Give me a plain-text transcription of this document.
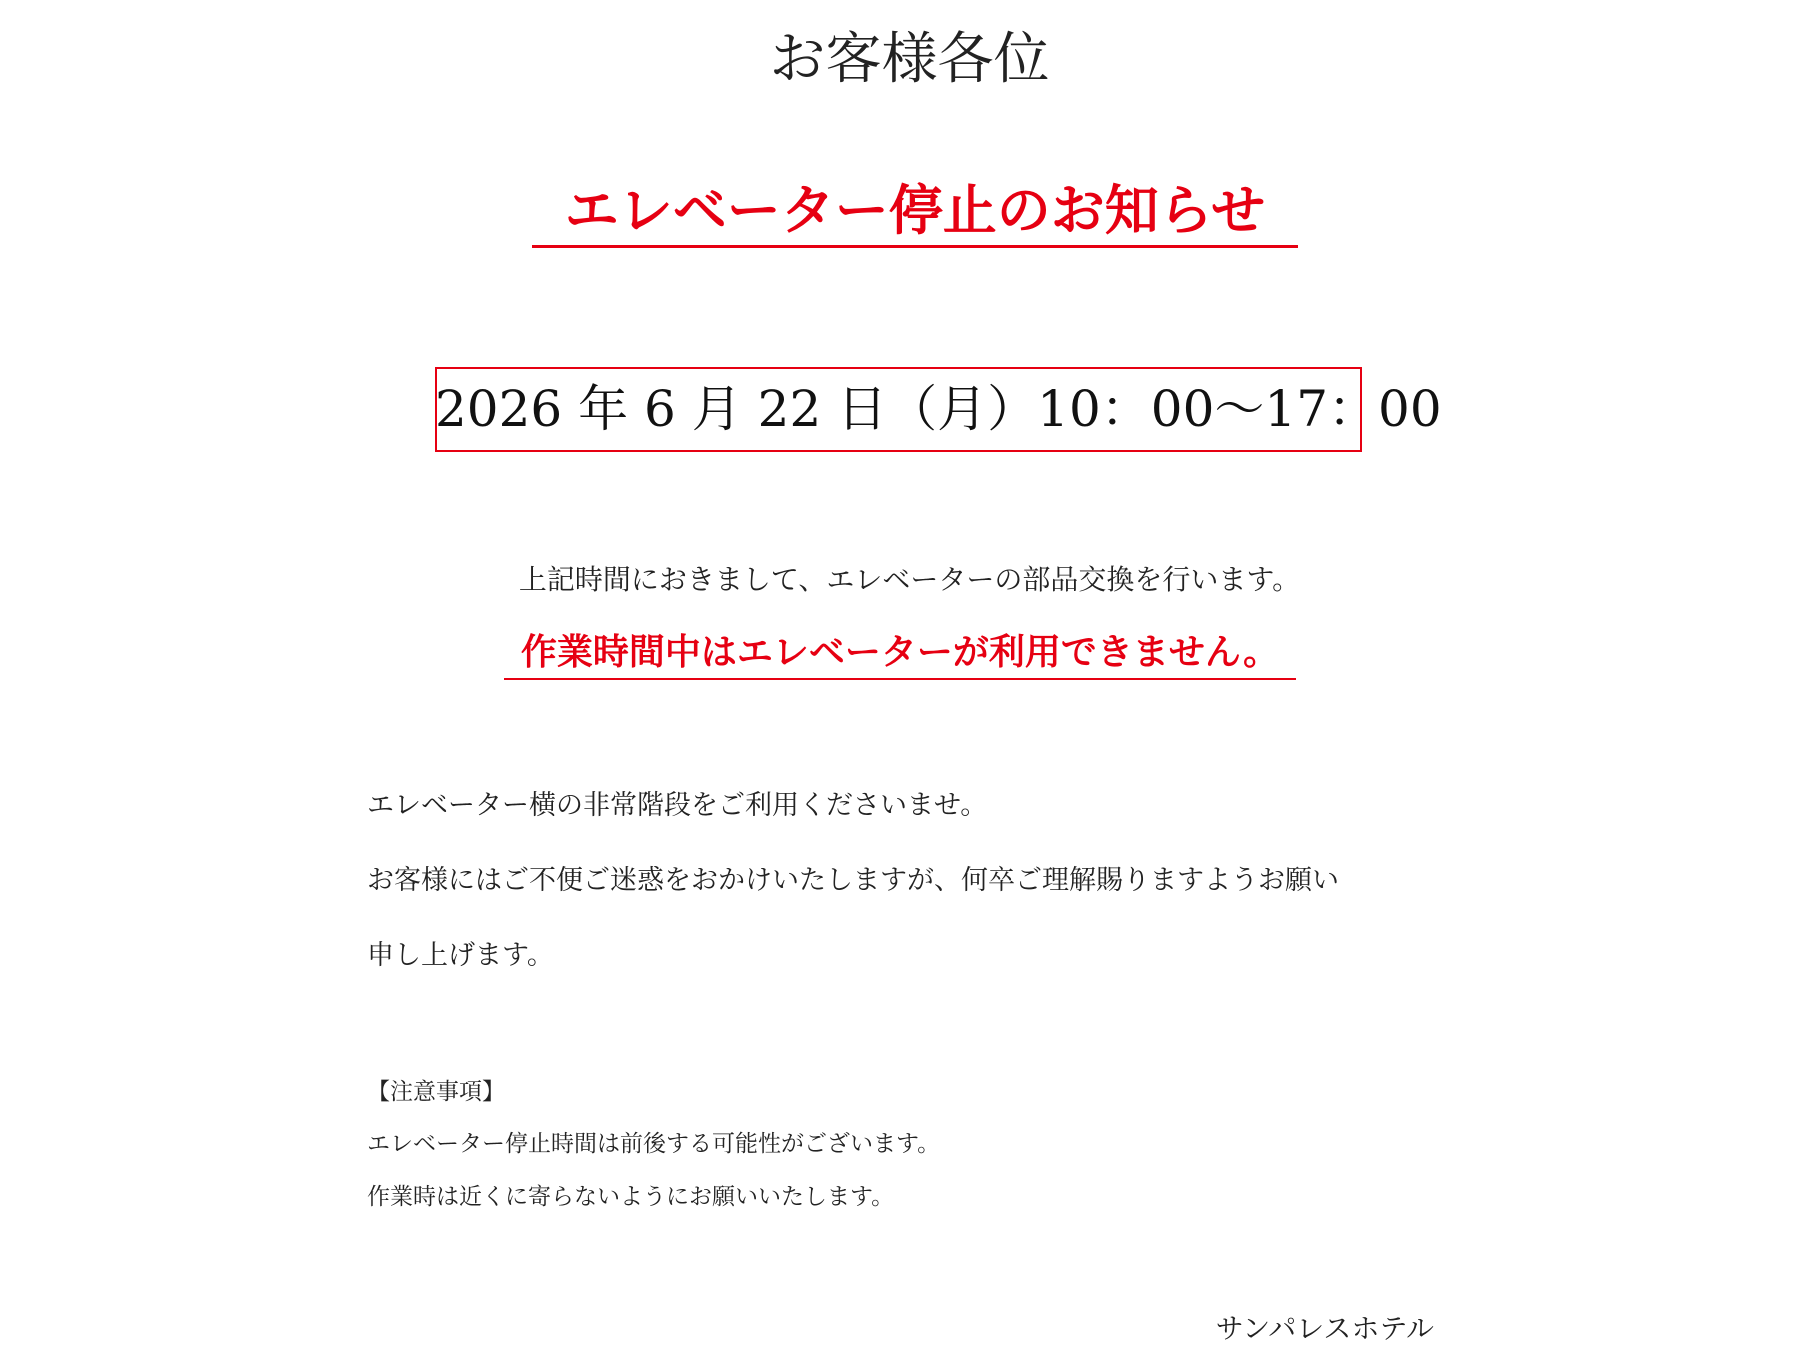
お客様各位
エレベーター停止のお知らせ
2026 年 6 月 22 日（月）10：00～17：00
上記時間におきまして、エレベーターの部品交換を行います。
作業時間中はエレベーターが利用できません。
エレベーター横の非常階段をご利用くださいませ。
お客様にはご不便ご迷惑をおかけいたしますが、何卒ご理解賜りますようお願い
申し上げます。
【注意事項】
エレベーター停止時間は前後する可能性がございます。
作業時は近くに寄らないようにお願いいたします。
サンパレスホテル
